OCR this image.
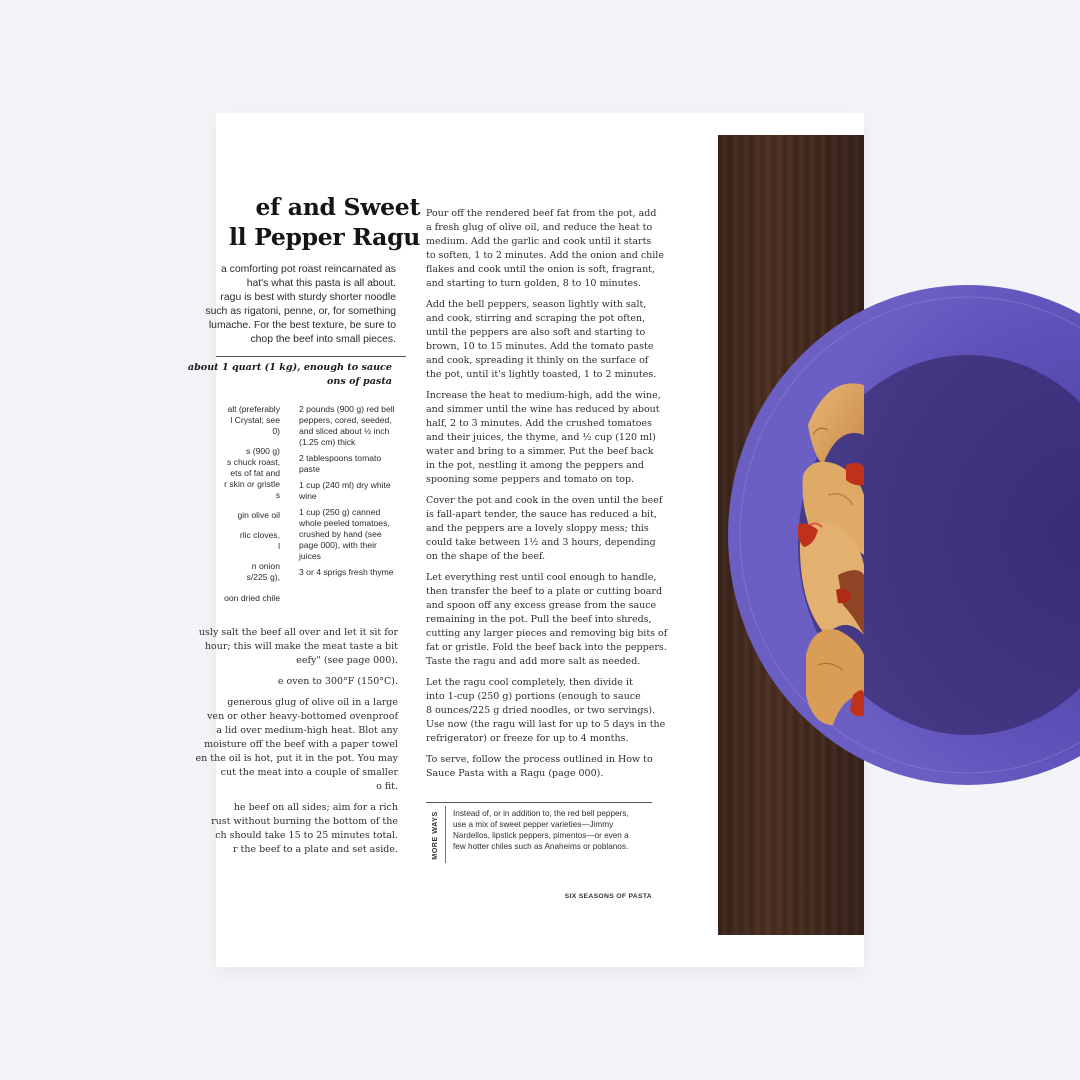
ef and Sweet
ll Pepper Ragu
a comforting pot roast reincarnated as
hat's what this pasta is all about.
ragu is best with sturdy shorter noodle
such as rigatoni, penne, or, for something
lumache. For the best texture, be sure to
chop the beef into small pieces.
about 1 quart (1 kg), enough to sauce
ons of pasta

alt (preferably
l Crystal; see
0)

s (900 g)
s chuck roast,
ets of fat and
r skin or gristle
s

gin olive oil

rlic cloves,
l

n onion
s/225 g),

oon dried chile

2 pounds (900 g) red bell
peppers, cored, seeded,
and sliced about ½ inch
(1.25 cm) thick

2 tablespoons tomato
paste

1 cup (240 ml) dry white
wine

1 cup (250 g) canned
whole peeled tomatoes,
crushed by hand (see
page 000), with their
juices

3 or 4 sprigs fresh thyme

usly salt the beef all over and let it sit for
hour; this will make the meat taste a bit
eefy" (see page 000).

e oven to 300°F (150°C).

generous glug of olive oil in a large
ven or other heavy-bottomed ovenproof
a lid over medium-high heat. Blot any
moisture off the beef with a paper towel
en the oil is hot, put it in the pot. You may
cut the meat into a couple of smaller
o fit.

he beef on all sides; aim for a rich
rust without burning the bottom of the
ch should take 15 to 25 minutes total.
r the beef to a plate and set aside.

Pour off the rendered beef fat from the pot, add
a fresh glug of olive oil, and reduce the heat to
medium. Add the garlic and cook until it starts
to soften, 1 to 2 minutes. Add the onion and chile
flakes and cook until the onion is soft, fragrant,
and starting to turn golden, 8 to 10 minutes.

Add the bell peppers, season lightly with salt,
and cook, stirring and scraping the pot often,
until the peppers are also soft and starting to
brown, 10 to 15 minutes. Add the tomato paste
and cook, spreading it thinly on the surface of
the pot, until it's lightly toasted, 1 to 2 minutes.

Increase the heat to medium-high, add the wine,
and simmer until the wine has reduced by about
half, 2 to 3 minutes. Add the crushed tomatoes
and their juices, the thyme, and ½ cup (120 ml)
water and bring to a simmer. Put the beef back
in the pot, nestling it among the peppers and
spooning some peppers and tomato on top.

Cover the pot and cook in the oven until the beef
is fall-apart tender, the sauce has reduced a bit,
and the peppers are a lovely sloppy mess; this
could take between 1½ and 3 hours, depending
on the shape of the beef.

Let everything rest until cool enough to handle,
then transfer the beef to a plate or cutting board
and spoon off any excess grease from the sauce
remaining in the pot. Pull the beef into shreds,
cutting any larger pieces and removing big bits of
fat or gristle. Fold the beef back into the peppers.
Taste the ragu and add more salt as needed.

Let the ragu cool completely, then divide it
into 1-cup (250 g) portions (enough to sauce
8 ounces/225 g dried noodles, or two servings).
Use now (the ragu will last for up to 5 days in the
refrigerator) or freeze for up to 4 months.

To serve, follow the process outlined in How to
Sauce Pasta with a Ragu (page 000).

MORE WAYS Instead of, or in addition to, the red bell peppers,
use a mix of sweet pepper varieties—Jimmy
Nardellos, lipstick peppers, pimentos—or even a
few hotter chiles such as Anaheims or poblanos.
SIX SEASONS OF PASTA
